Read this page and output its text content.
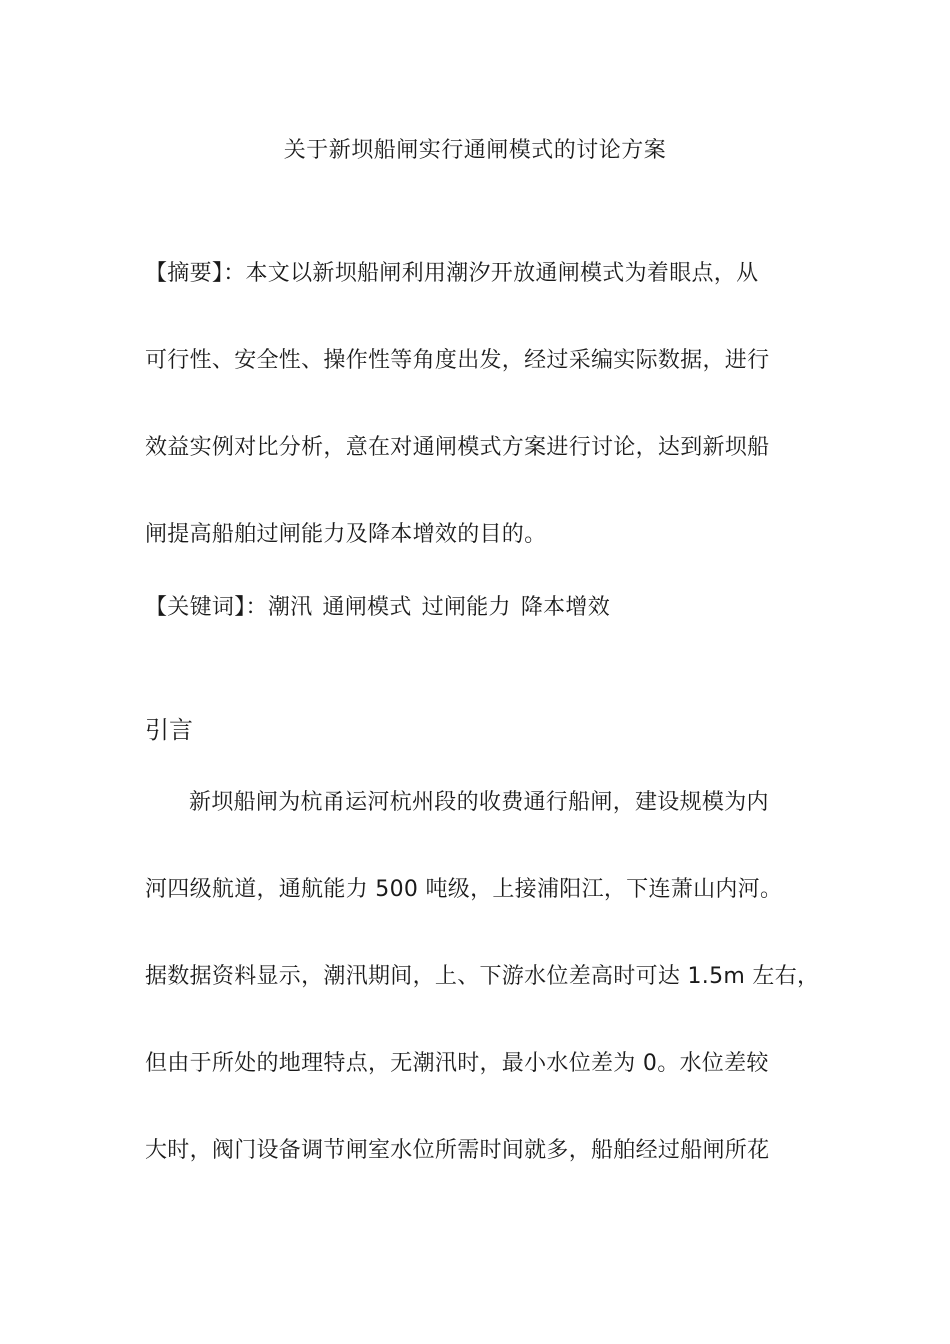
关于新坝船闸实行通闸模式的讨论方案
【摘要】：本文以新坝船闸利用潮汐开放通闸模式为着眼点，从
可行性、安全性、操作性等角度出发，经过采编实际数据，进行
效益实例对比分析，意在对通闸模式方案进行讨论，达到新坝船
闸提高船舶过闸能力及降本增效的目的。
【关键词】：潮汛 通闸模式 过闸能力 降本增效
引言
新坝船闸为杭甬运河杭州段的收费通行船闸，建设规模为内
河四级航道，通航能力 500 吨级，上接浦阳江，下连萧山内河。
据数据资料显示，潮汛期间，上、下游水位差高时可达 1.5m 左右，
但由于所处的地理特点，无潮汛时，最小水位差为 0。水位差较
大时，阀门设备调节闸室水位所需时间就多，船舶经过船闸所花
